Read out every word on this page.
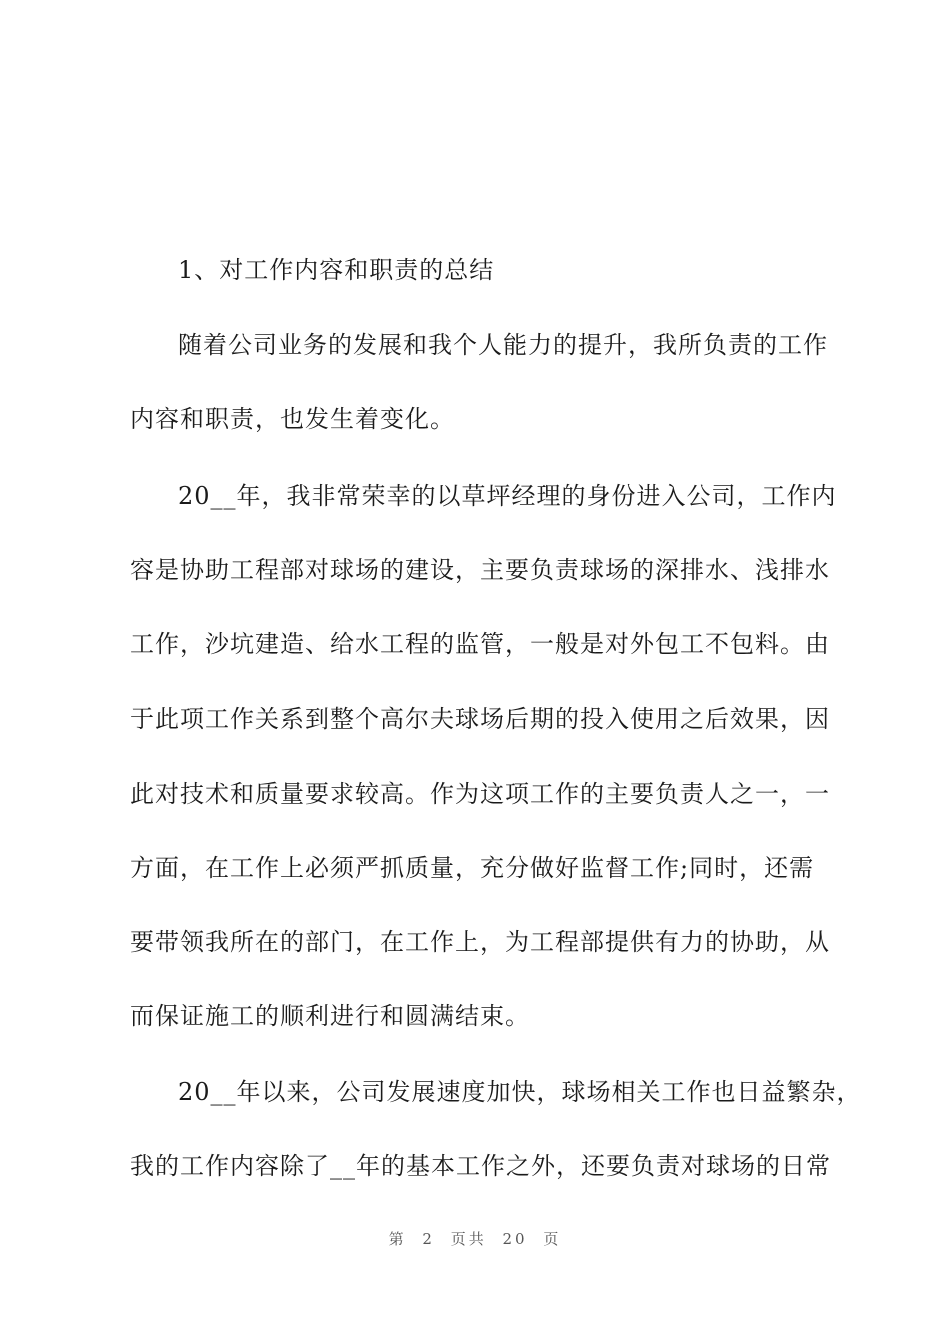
1、对工作内容和职责的总结
随着公司业务的发展和我个人能力的提升，我所负责的工作
内容和职责，也发生着变化。
20__年，我非常荣幸的以草坪经理的身份进入公司，工作内
容是协助工程部对球场的建设，主要负责球场的深排水、浅排水
工作，沙坑建造、给水工程的监管，一般是对外包工不包料。由
于此项工作关系到整个高尔夫球场后期的投入使用之后效果，因
此对技术和质量要求较高。作为这项工作的主要负责人之一，一
方面，在工作上必须严抓质量，充分做好监督工作;同时，还需
要带领我所在的部门，在工作上，为工程部提供有力的协助，从
而保证施工的顺利进行和圆满结束。
20__年以来，公司发展速度加快，球场相关工作也日益繁杂，
我的工作内容除了__年的基本工作之外，还要负责对球场的日常
第 2 页共 20 页
